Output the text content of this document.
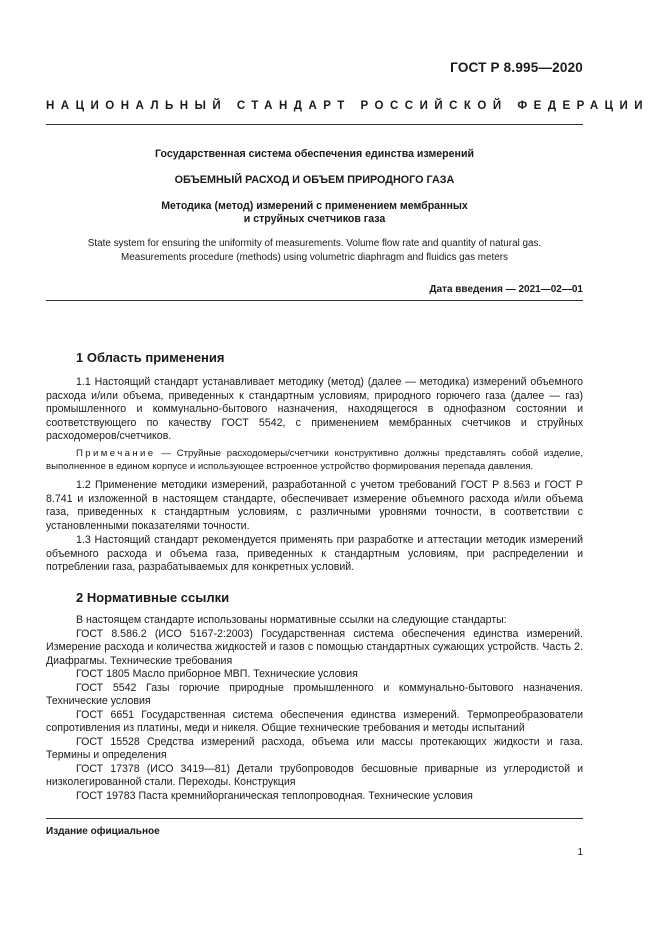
ГОСТ Р 8.995—2020
НАЦИОНАЛЬНЫЙ СТАНДАРТ РОССИЙСКОЙ ФЕДЕРАЦИИ
Государственная система обеспечения единства измерений
ОБЪЕМНЫЙ РАСХОД И ОБЪЕМ ПРИРОДНОГО ГАЗА
Методика (метод) измерений с применением мембранных
и струйных счетчиков газа
State system for ensuring the uniformity of measurements. Volume flow rate and quantity of natural gas.
Measurements procedure (methods) using volumetric diaphragm and fluidics gas meters
Дата введения — 2021—02—01
1 Область применения

1.1 Настоящий стандарт устанавливает методику (метод) (далее — методика) измерений объемного расхода и/или объема, приведенных к стандартным условиям, природного горючего газа (далее — газ) промышленного и коммунально-бытового назначения, находящегося в однофазном состоянии и соответствующего по качеству ГОСТ 5542, с применением мембранных счетчиков и струйных расходомеров/счетчиков.

Примечание — Струйные расходомеры/счетчики конструктивно должны представлять собой изделие, выполненное в едином корпусе и использующее встроенное устройство формирования перепада давления.

1.2 Применение методики измерений, разработанной с учетом требований ГОСТ Р 8.563 и ГОСТ Р 8.741 и изложенной в настоящем стандарте, обеспечивает измерение объемного расхода и/или объема газа, приведенных к стандартным условиям, с различными уровнями точности, в соответствии с установленными показателями точности.

1.3 Настоящий стандарт рекомендуется применять при разработке и аттестации методик измерений объемного расхода и объема газа, приведенных к стандартным условиям, при распределении и потреблении газа, разрабатываемых для конкретных условий.

2 Нормативные ссылки

В настоящем стандарте использованы нормативные ссылки на следующие стандарты:

ГОСТ 8.586.2 (ИСО 5167-2:2003) Государственная система обеспечения единства измерений. Измерение расхода и количества жидкостей и газов с помощью стандартных сужающих устройств. Часть 2. Диафрагмы. Технические требования

ГОСТ 1805 Масло приборное МВП. Технические условия

ГОСТ 5542 Газы горючие природные промышленного и коммунально-бытового назначения. Технические условия

ГОСТ 6651 Государственная система обеспечения единства измерений. Термопреобразователи сопротивления из платины, меди и никеля. Общие технические требования и методы испытаний

ГОСТ 15528 Средства измерений расхода, объема или массы протекающих жидкости и газа. Термины и определения

ГОСТ 17378 (ИСО 3419—81) Детали трубопроводов бесшовные приварные из углеродистой и низколегированной стали. Переходы. Конструкция

ГОСТ 19783 Паста кремнийорганическая теплопроводная. Технические условия

Издание официальное
1
